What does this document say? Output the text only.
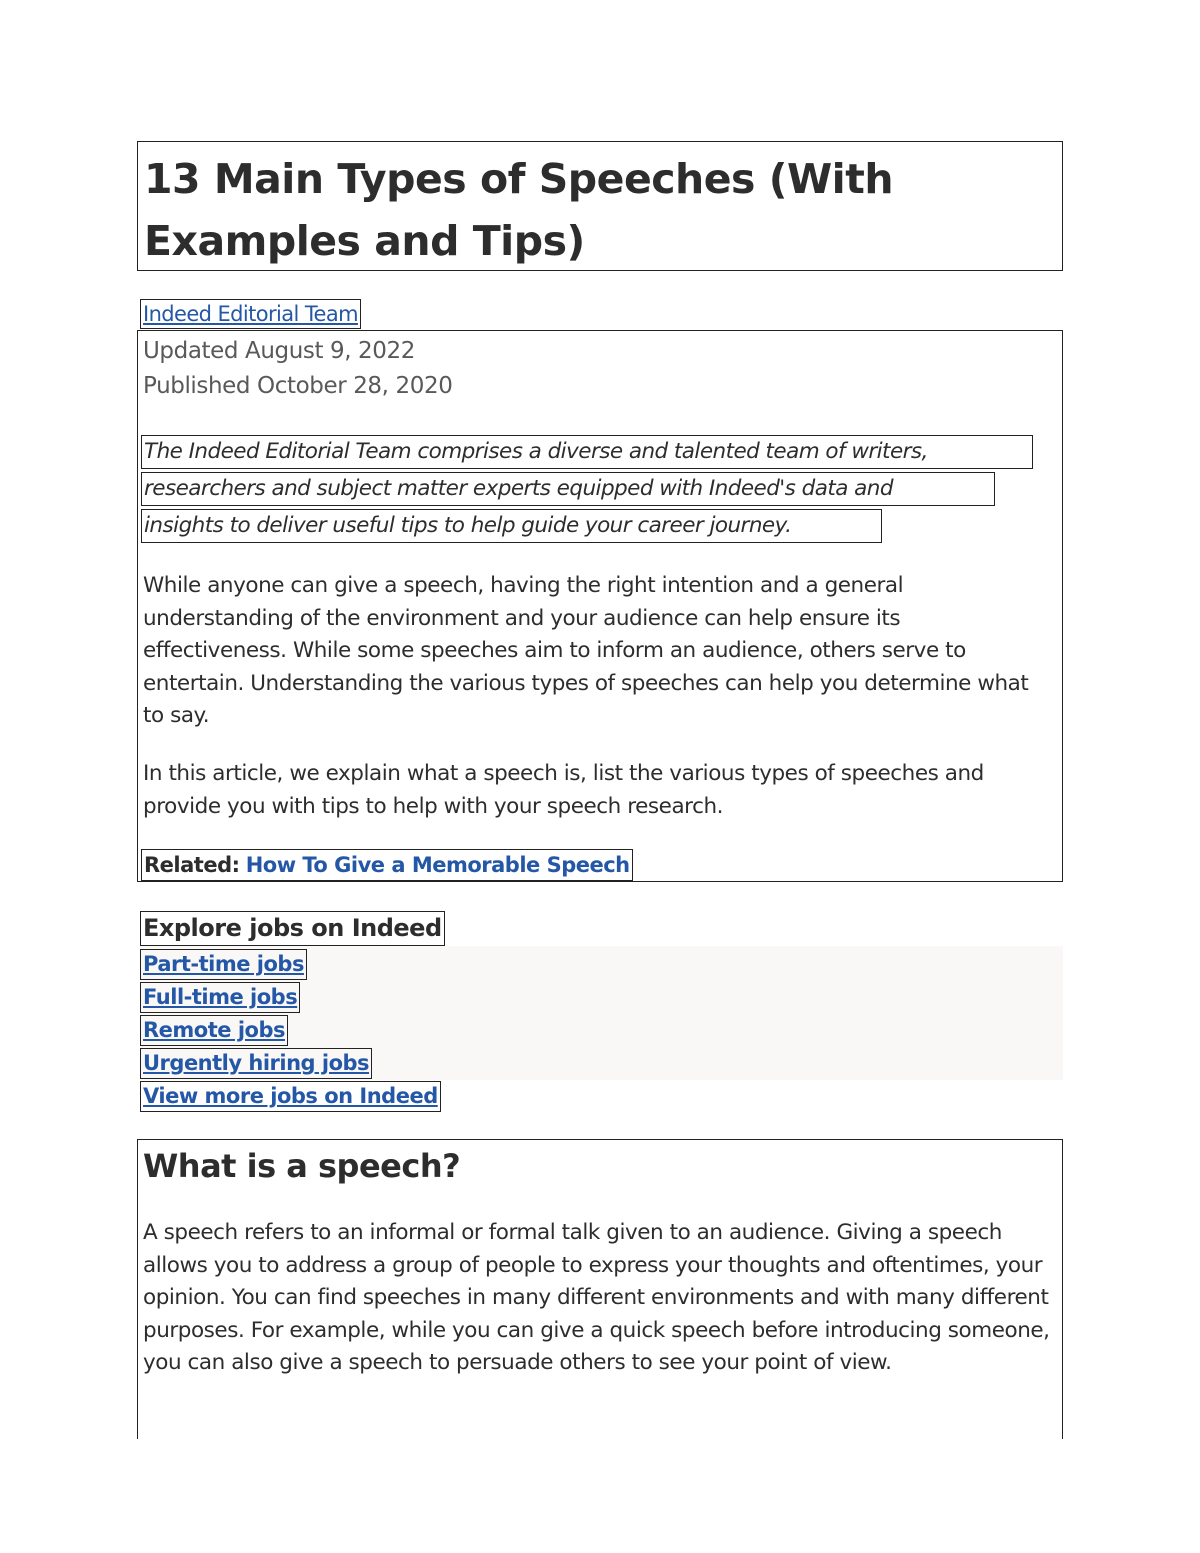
13 Main Types of Speeches (With
Examples and Tips)
Indeed Editorial Team
Updated August 9, 2022
Published October 28, 2020
The Indeed Editorial Team comprises a diverse and talented team of writers,
researchers and subject matter experts equipped with Indeed's data and
insights to deliver useful tips to help guide your career journey.

While anyone can give a speech, having the right intention and a general understanding of the environment and your audience can help ensure its effectiveness. While some speeches aim to inform an audience, others serve to entertain. Understanding the various types of speeches can help you determine what to say.

In this article, we explain what a speech is, list the various types of speeches and provide you with tips to help with your speech research.

Related: How To Give a Memorable Speech
Explore jobs on Indeed
Part-time jobs
Full-time jobs
Remote jobs
Urgently hiring jobs
View more jobs on Indeed
What is a speech?

A speech refers to an informal or formal talk given to an audience. Giving a speech allows you to address a group of people to express your thoughts and oftentimes, your opinion. You can find speeches in many different environments and with many different purposes. For example, while you can give a quick speech before introducing someone, you can also give a speech to persuade others to see your point of view.
